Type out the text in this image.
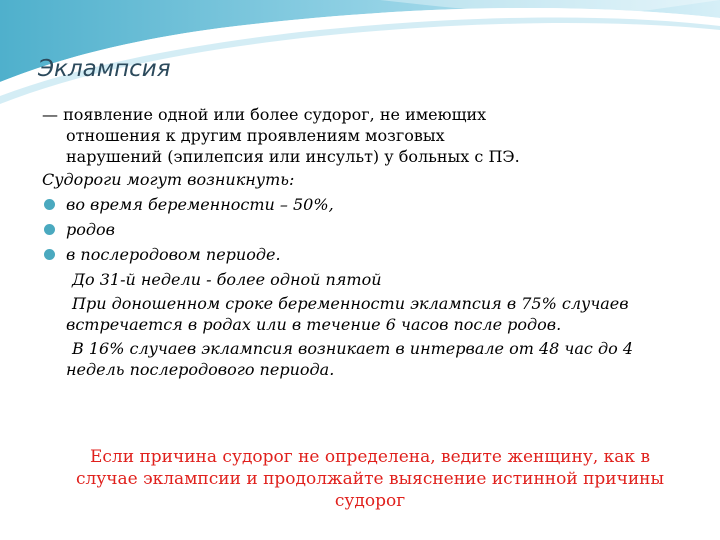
Эклампсия

— появление одной или более судорог, не имеющих
отношения к другим проявлениям мозговых
нарушений (эпилепсия или инсульт) у больных с ПЭ.

Судороги могут возникнуть:

во время беременности – 50%,
родов
в послеродовом периоде.

До 31-й недели - более одной пятой

При доношенном сроке беременности эклампсия в 75% случаев встречается в родах или в течение 6 часов после родов.

В 16% случаев эклампсия возникает в интервале от 48 час до 4 недель послеродового периода.

Если причина судорог не определена, ведите женщину, как в случае эклампсии и продолжайте выяснение истинной причины судорог
